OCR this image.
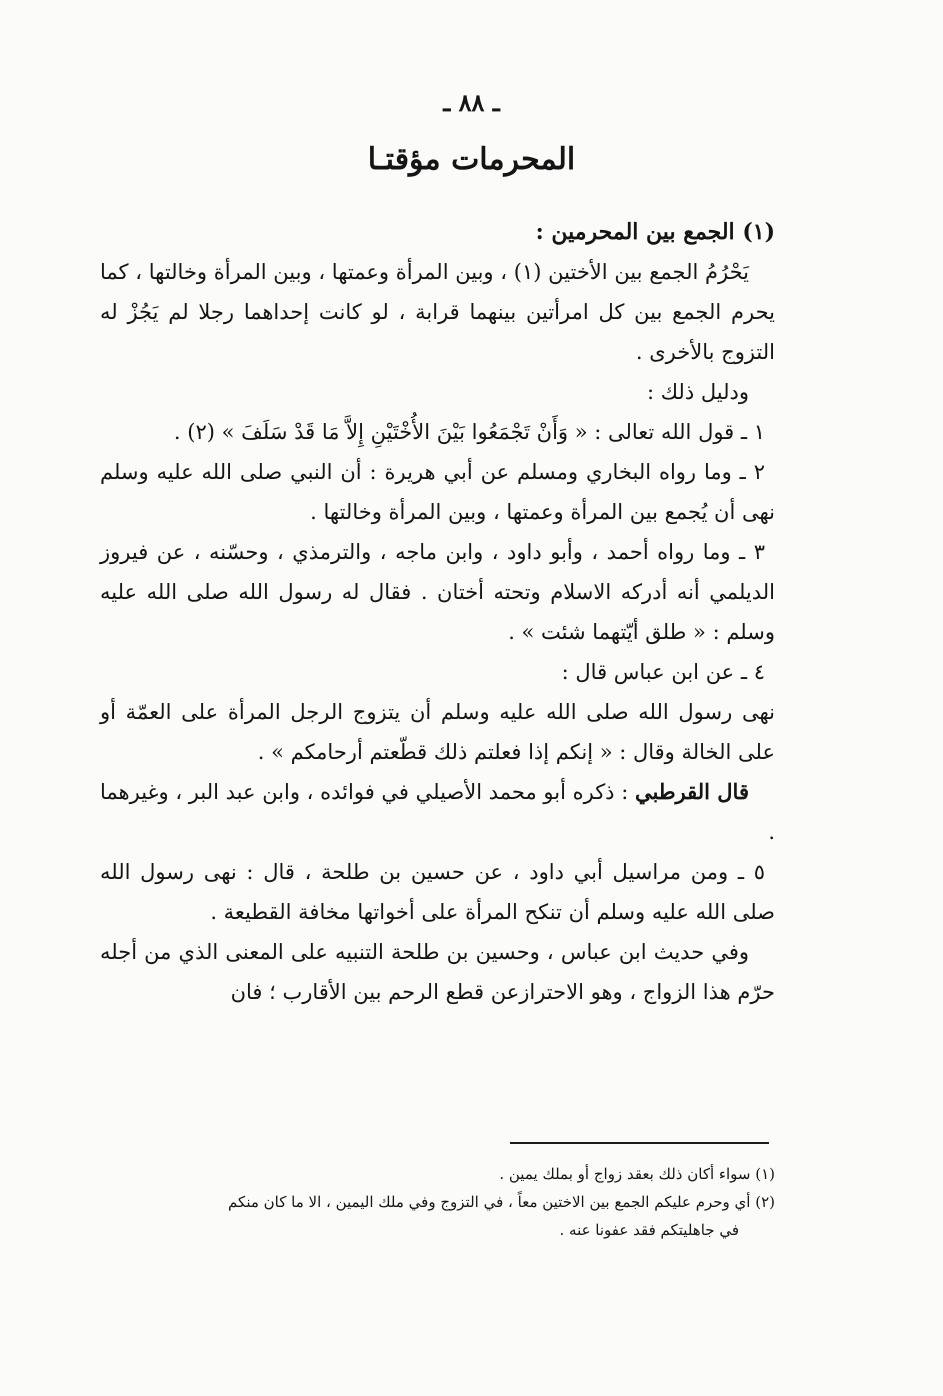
ـ ٨٨ ـ
المحرمات مؤقتـا

(١) الجمع بين المحرمين :

يَحْرُمُ الجمع بين الأختين (١) ، وبين المرأة وعمتها ، وبين المرأة وخالتها ، كما يحرم الجمع بين كل امرأتين بينهما قرابة ، لو كانت إحداهما رجلا لم يَجُزْ له التزوج بالأخرى .

ودليل ذلك :

١ ـ قول الله تعالى : « وَأَنْ تَجْمَعُوا بَيْنَ الأُخْتَيْنِ إِلاَّ مَا قَدْ سَلَفَ » (٢) .

٢ ـ وما رواه البخاري ومسلم عن أبي هريرة : أن النبي صلى الله عليه وسلم نهى أن يُجمع بين المرأة وعمتها ، وبين المرأة وخالتها .

٣ ـ وما رواه أحمد ، وأبو داود ، وابن ماجه ، والترمذي ، وحسّنه ، عن فيروز الديلمي أنه أدركه الاسلام وتحته أختان . فقال له رسول الله صلى الله عليه وسلم : « طلق أيّتهما شئت » .

٤ ـ عن ابن عباس قال :

نهى رسول الله صلى الله عليه وسلم أن يتزوج الرجل المرأة على العمّة أو على الخالة وقال : « إنكم إذا فعلتم ذلك قطّعتم أرحامكم » .

قال القرطبي : ذكره أبو محمد الأصيلي في فوائده ، وابن عبد البر ، وغيرهما .

٥ ـ ومن مراسيل أبي داود ، عن حسين بن طلحة ، قال : نهى رسول الله صلى الله عليه وسلم أن تنكح المرأة على أخواتها مخافة القطيعة .

وفي حديث ابن عباس ، وحسين بن طلحة التنبيه على المعنى الذي من أجله حرّم هذا الزواج ، وهو الاحترازعن قطع الرحم بين الأقارب ؛ فان

(١) سواء أكان ذلك بعقد زواج أو بملك يمين .

(٢) أي وحرم عليكم الجمع بين الاختين معاً ، في التزوج وفي ملك اليمين ، الا ما كان منكم

في جاهليتكم فقد عفونا عنه .
